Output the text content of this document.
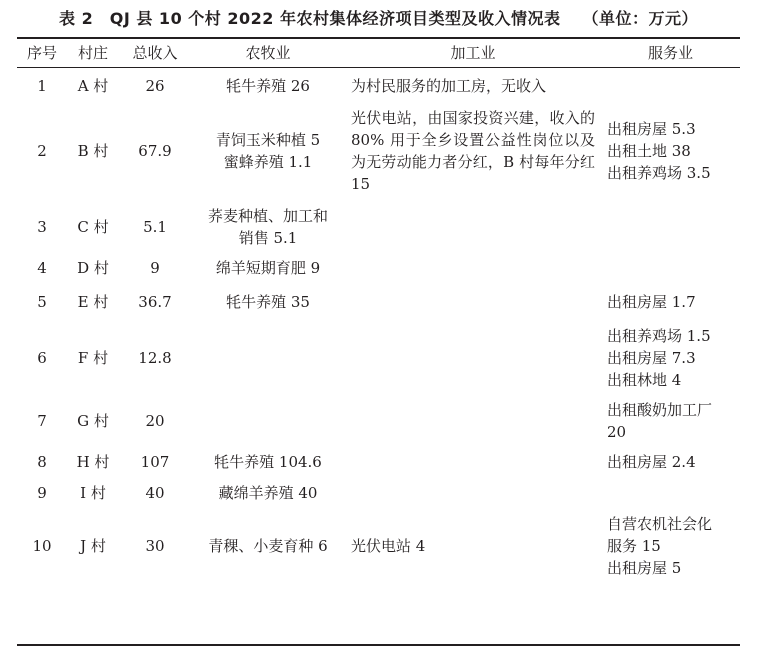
表 2　QJ 县 10 个村 2022 年农村集体经济项目类型及收入情况表 （单位：万元）
序号	村庄	总收入	农牧业	加工业	服务业
1	A 村	26	牦牛养殖 26	为村民服务的加工房，无收入	

2	B 村	67.9	青饲玉米种植 5
蜜蜂养殖 1.1	光伏电站，由国家投资兴建，收入的 80% 用于全乡设置公益性岗位以及为无劳动能力者分红，B 村每年分红 15	出租房屋 5.3
出租土地 38
出租养鸡场 3.5

3	C 村	5.1	荞麦种植、加工和
销售 5.1		

4	D 村	9	绵羊短期育肥 9		

5	E 村	36.7	牦牛养殖 35		出租房屋 1.7

6	F 村	12.8			出租养鸡场 1.5
出租房屋 7.3
出租林地 4

7	G 村	20			出租酸奶加工厂
20

8	H 村	107	牦牛养殖 104.6		出租房屋 2.4

9	I 村	40	藏绵羊养殖 40		

10	J 村	30	青稞、小麦育种 6	光伏电站 4	自营农机社会化
服务 15
出租房屋 5
